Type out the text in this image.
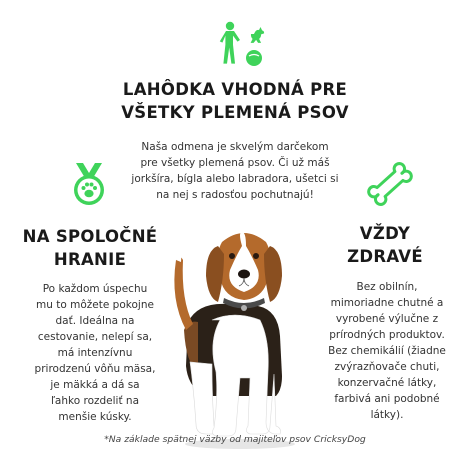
LAHÔDKA VHODNÁ PRE
VŠETKY PLEMENÁ PSOV
Naša odmena je skvelým darčekom
pre všetky plemená psov. Či už máš
jorkšíra, bígla alebo labradora, ušetci si
na nej s radosťou pochutnajú!
NA SPOLOČNÉ
HRANIE
Po každom úspechu
mu to môžete pokojne
dať. Ideálna na
cestovanie, nelepí sa,
má intenzívnu
prirodzenú vôňu mäsa,
je mäkká a dá sa
ľahko rozdeliť na
menšie kúsky.
VŽDY
ZDRAVÉ
Bez obilnín,
mimoriadne chutné a
vyrobené výlučne z
prírodných produktov.
Bez chemikálií (žiadne
zvýrazňovače chuti,
konzervačné látky,
farbivá ani podobné
látky).
*Na základe spätnej väzby od majiteľov psov CricksyDog
